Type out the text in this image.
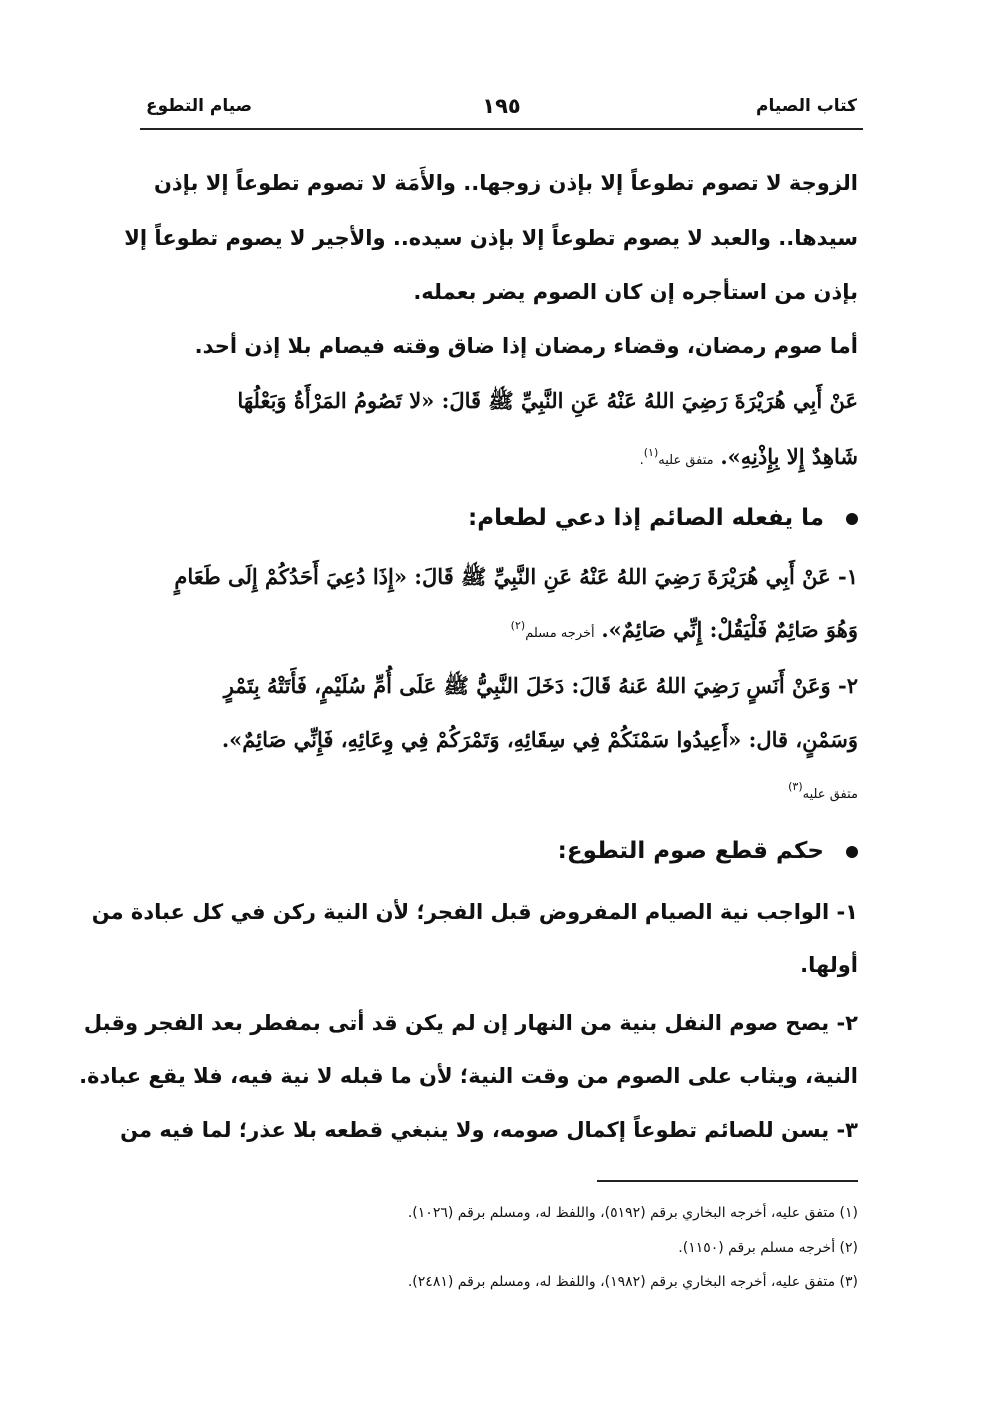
كتاب الصيام
١٩٥
صيام التطوع
الزوجة لا تصوم تطوعاً إلا بإذن زوجها.. والأَمَة لا تصوم تطوعاً إلا بإذن
سيدها.. والعبد لا يصوم تطوعاً إلا بإذن سيده.. والأجير لا يصوم تطوعاً إلا
بإذن من استأجره إن كان الصوم يضر بعمله.
أما صوم رمضان، وقضاء رمضان إذا ضاق وقته فيصام بلا إذن أحد.
عَنْ أَبِي هُرَيْرَةَ رَضِيَ اللهُ عَنْهُ عَنِ النَّبِيِّ ﷺ قَالَ: «لا تَصُومُ المَرْأَةُ وَبَعْلُهَا
شَاهِدٌ إِلا بِإِذْنِهِ». متفق عليه$^{(١)}$.
ما يفعله الصائم إذا دعي لطعام:
١- عَنْ أَبِي هُرَيْرَةَ رَضِيَ اللهُ عَنْهُ عَنِ النَّبِيِّ ﷺ قَالَ: «إِذَا دُعِيَ أَحَدُكُمْ إِلَى طَعَامٍ
وَهُوَ صَائِمٌ فَلْيَقُلْ: إِنِّي صَائِمٌ». أخرجه مسلم$^{(٢)}$
٢- وَعَنْ أَنَسٍ رَضِيَ اللهُ عَنهُ قَالَ: دَخَلَ النَّبِيُّ ﷺ عَلَى أُمِّ سُلَيْمٍ، فَأَتَتْهُ بِتَمْرٍ
وَسَمْنٍ، قال: «أَعِيدُوا سَمْنَكُمْ فِي سِقَائِهِ، وَتَمْرَكُمْ فِي وِعَائِهِ، فَإِنِّي صَائِمٌ».
متفق عليه$^{(٣)}$
حكم قطع صوم التطوع:
١- الواجب نية الصيام المفروض قبل الفجر؛ لأن النية ركن في كل عبادة من
أولها.
٢- يصح صوم النفل بنية من النهار إن لم يكن قد أتى بمفطر بعد الفجر وقبل
النية، ويثاب على الصوم من وقت النية؛ لأن ما قبله لا نية فيه، فلا يقع عبادة.
٣- يسن للصائم تطوعاً إكمال صومه، ولا ينبغي قطعه بلا عذر؛ لما فيه من
(١) متفق عليه، أخرجه البخاري برقم (٥١٩٢)، واللفظ له، ومسلم برقم (١٠٢٦).
(٢) أخرجه مسلم برقم (١١٥٠).
(٣) متفق عليه، أخرجه البخاري برقم (١٩٨٢)، واللفظ له، ومسلم برقم (٢٤٨١).
